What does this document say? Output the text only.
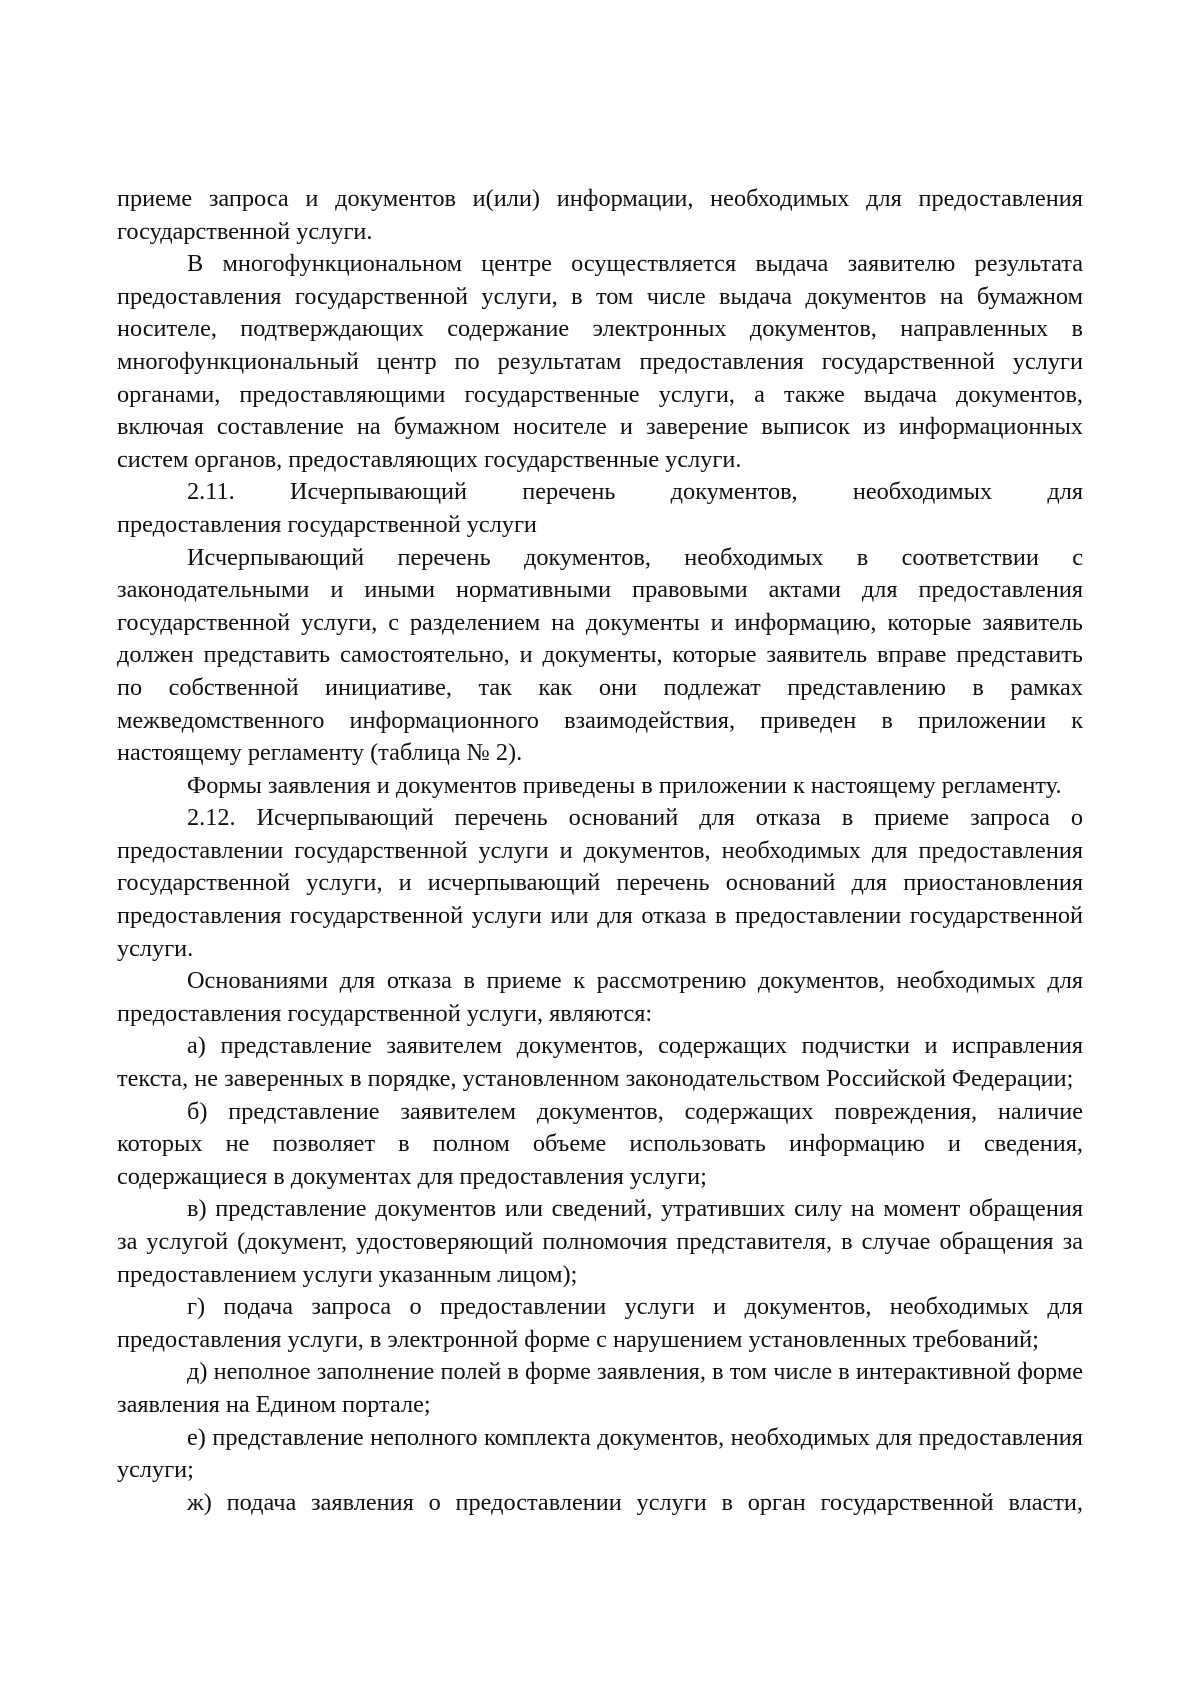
приеме запроса и документов и(или) информации, необходимых для предоставления государственной услуги.

В многофункциональном центре осуществляется выдача заявителю результата предоставления государственной услуги, в том числе выдача документов на бумажном носителе, подтверждающих содержание электронных документов, направленных в многофункциональный центр по результатам предоставления государственной услуги органами, предоставляющими государственные услуги, а также выдача документов, включая составление на бумажном носителе и заверение выписок из информационных систем органов, предоставляющих государственные услуги.

2.11. Исчерпывающий перечень документов, необходимых для

предоставления государственной услуги

Исчерпывающий перечень документов, необходимых в соответствии с законодательными и иными нормативными правовыми актами для предоставления государственной услуги, с разделением на документы и информацию, которые заявитель должен представить самостоятельно, и документы, которые заявитель вправе представить по собственной инициативе, так как они подлежат представлению в рамках межведомственного информационного взаимодействия, приведен в приложении к настоящему регламенту (таблица № 2).

Формы заявления и документов приведены в приложении к настоящему регламенту.

2.12. Исчерпывающий перечень оснований для отказа в приеме запроса о предоставлении государственной услуги и документов, необходимых для предоставления государственной услуги, и исчерпывающий перечень оснований для приостановления предоставления государственной услуги или для отказа в предоставлении государственной услуги.

Основаниями для отказа в приеме к рассмотрению документов, необходимых для предоставления государственной услуги, являются:

а) представление заявителем документов, содержащих подчистки и исправления текста, не заверенных в порядке, установленном законодательством Российской Федерации;

б) представление заявителем документов, содержащих повреждения, наличие которых не позволяет в полном объеме использовать информацию и сведения, содержащиеся в документах для предоставления услуги;

в) представление документов или сведений, утративших силу на момент обращения за услугой (документ, удостоверяющий полномочия представителя, в случае обращения за предоставлением услуги указанным лицом);

г) подача запроса о предоставлении услуги и документов, необходимых для предоставления услуги, в электронной форме с нарушением установленных требований;

д) неполное заполнение полей в форме заявления, в том числе в интерактивной форме заявления на Едином портале;

е) представление неполного комплекта документов, необходимых для предоставления услуги;

ж) подача заявления о предоставлении услуги в орган государственной власти,
